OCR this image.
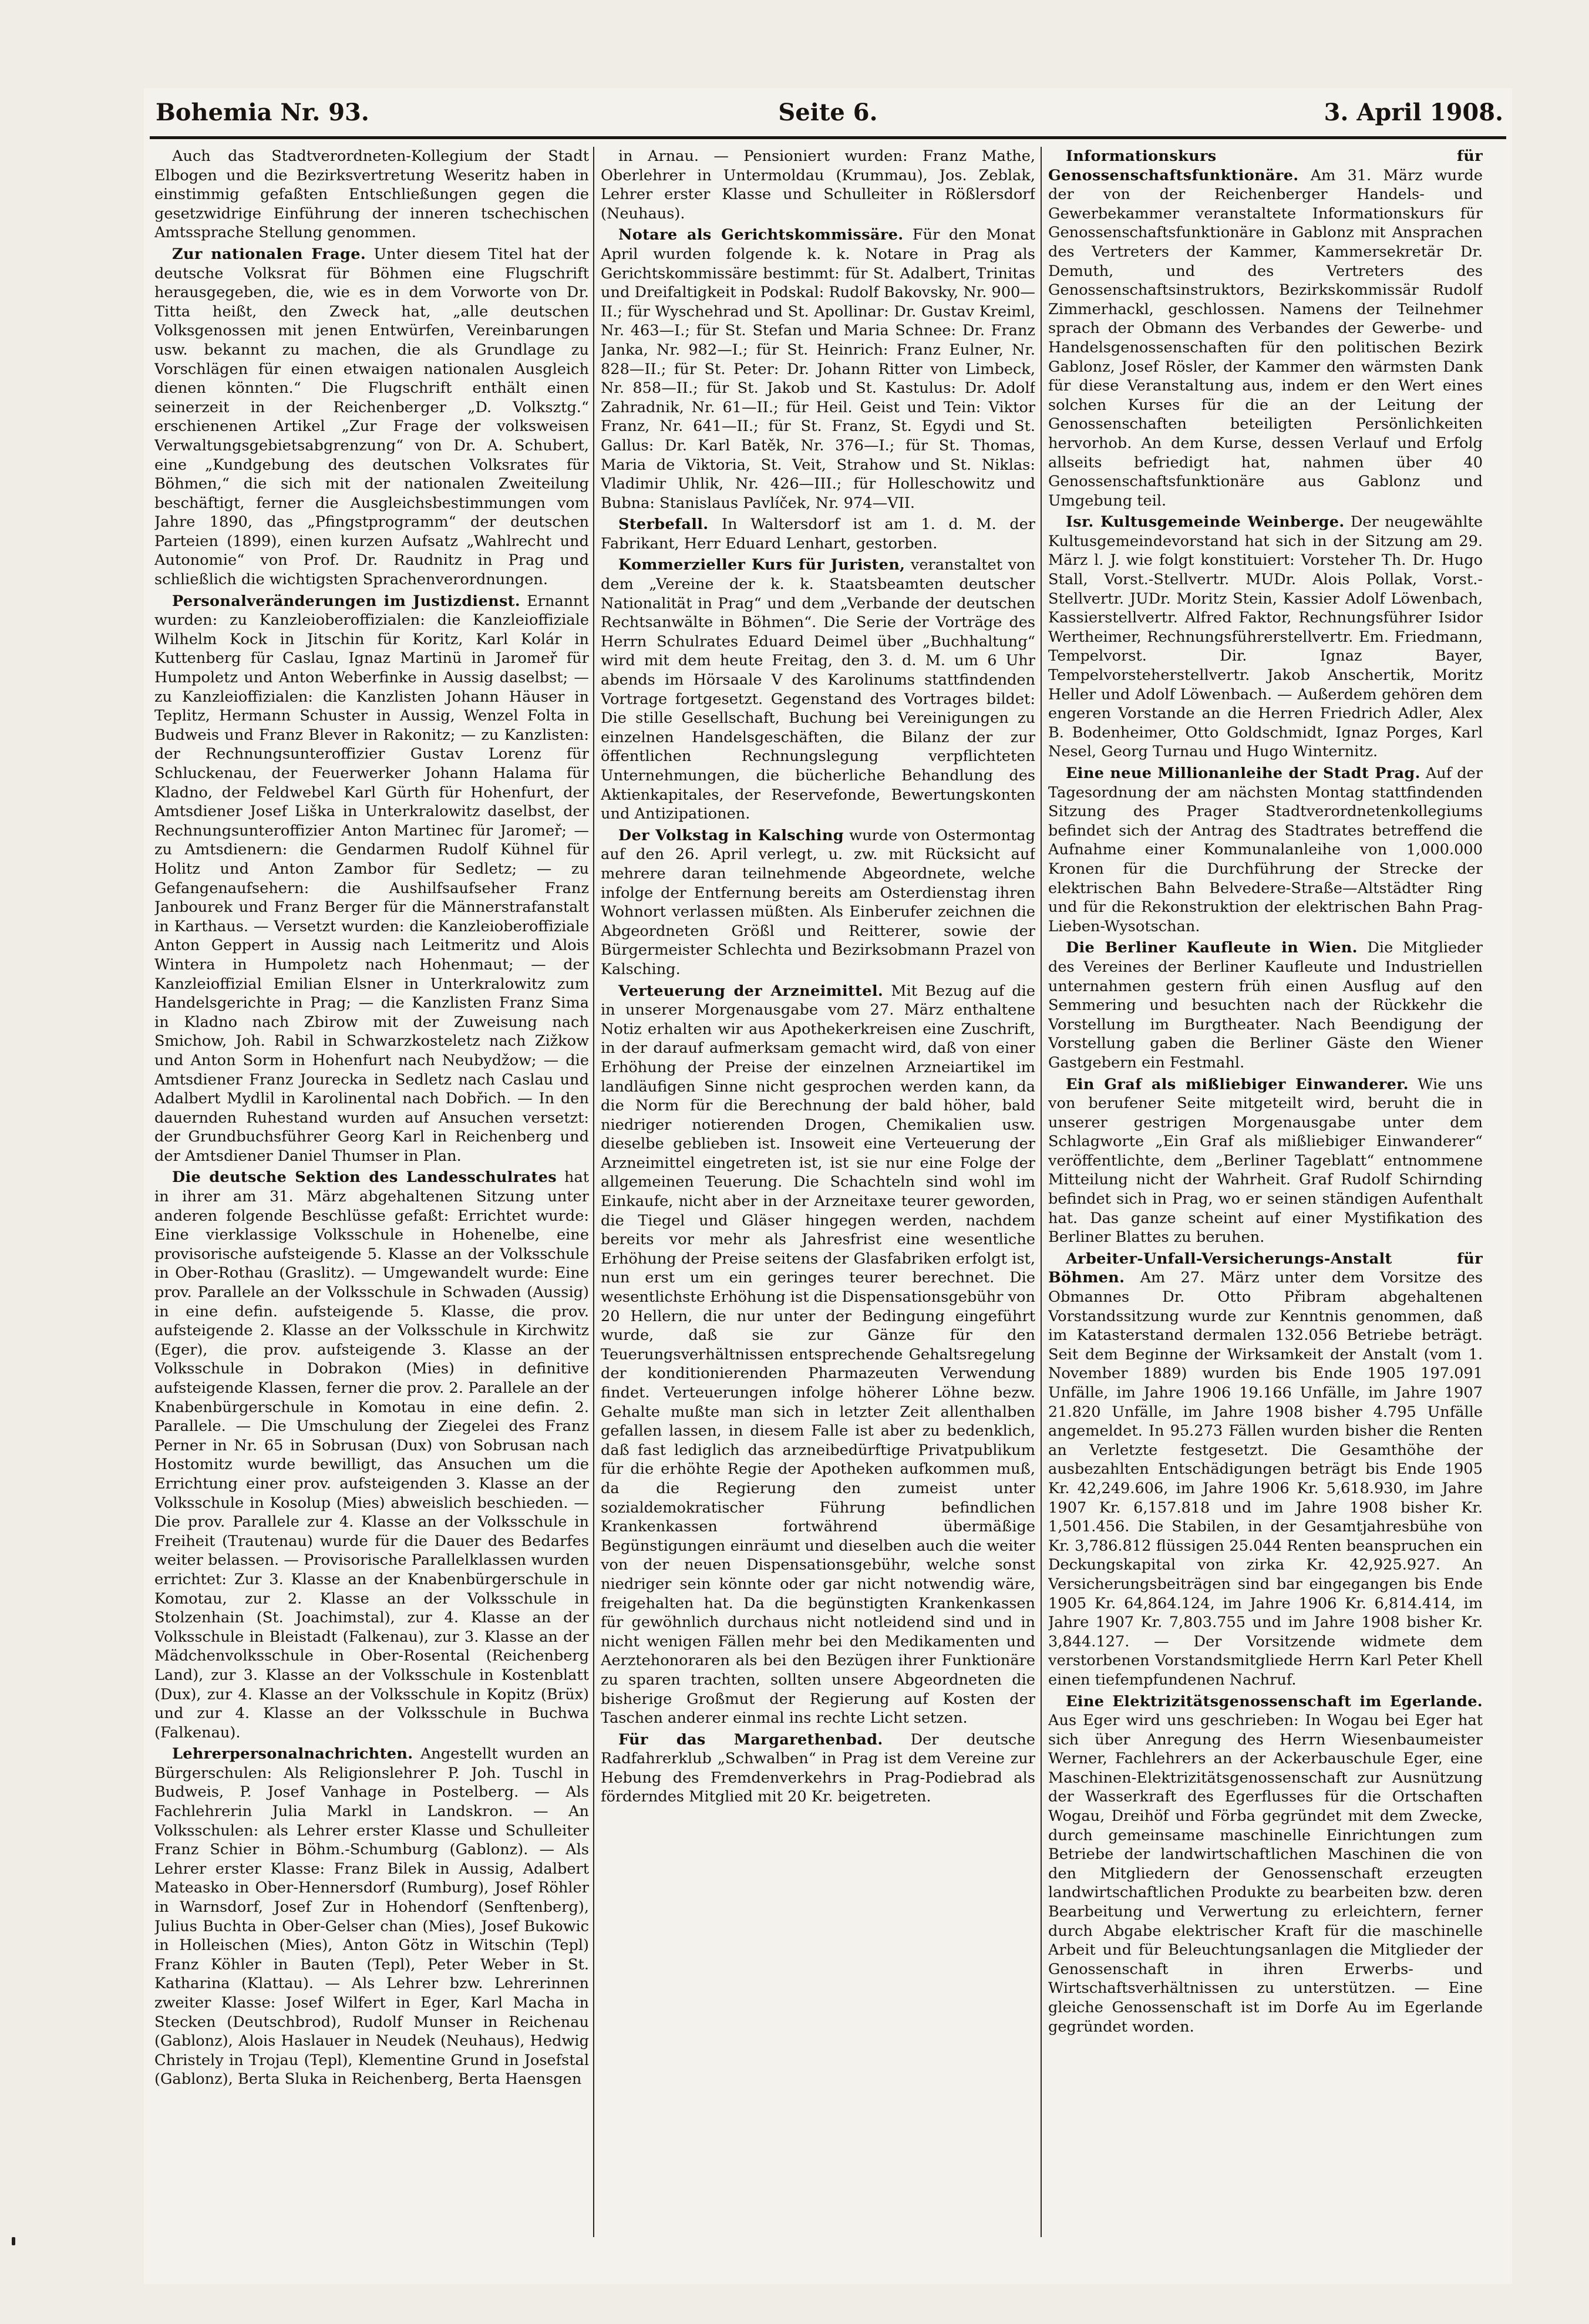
Bohemia Nr. 93.	Seite 6.	3. April 1908.

Auch das Stadtverordneten-Kollegium der Stadt Elbogen und die Bezirksvertretung Weseritz haben in einstimmig gefaßten Entschließungen gegen die gesetzwidrige Einführung der inneren tschechischen Amtssprache Stellung genommen.

Zur nationalen Frage. Unter diesem Titel hat der deutsche Volksrat für Böhmen eine Flugschrift herausgegeben, die, wie es in dem Vorworte von Dr. Titta heißt, den Zweck hat, „alle deutschen Volksgenossen mit jenen Entwürfen, Vereinbarungen usw. bekannt zu machen, die als Grundlage zu Vorschlägen für einen etwaigen nationalen Ausgleich dienen könnten.“ Die Flugschrift enthält einen seinerzeit in der Reichenberger „D. Volksztg.“ erschienenen Artikel „Zur Frage der volksweisen Verwaltungsgebietsabgrenzung“ von Dr. A. Schubert, eine „Kundgebung des deutschen Volksrates für Böhmen,“ die sich mit der nationalen Zweiteilung beschäftigt, ferner die Ausgleichsbestimmungen vom Jahre 1890, das „Pfingstprogramm“ der deutschen Parteien (1899), einen kurzen Aufsatz „Wahlrecht und Autonomie“ von Prof. Dr. Raudnitz in Prag und schließlich die wichtigsten Sprachenverordnungen.

Personalveränderungen im Justizdienst. Ernannt wurden: zu Kanzleioberoffizialen: die Kanzleioffiziale Wilhelm Kock in Jitschin für Koritz, Karl Kolár in Kuttenberg für Caslau, Ignaz Martinü in Jaromeř für Humpoletz und Anton Weberfinke in Aussig daselbst; — zu Kanzleioffizialen: die Kanzlisten Johann Häuser in Teplitz, Hermann Schuster in Aussig, Wenzel Folta in Budweis und Franz Blever in Rakonitz; — zu Kanzlisten: der Rechnungsunteroffizier Gustav Lorenz für Schluckenau, der Feuerwerker Johann Halama für Kladno, der Feldwebel Karl Gürth für Hohenfurt, der Amtsdiener Josef Liška in Unterkralowitz daselbst, der Rechnungsunteroffizier Anton Martinec für Jaromeř; — zu Amtsdienern: die Gendarmen Rudolf Kühnel für Holitz und Anton Zambor für Sedletz; — zu Gefangenaufsehern: die Aushilfsaufseher Franz Janbourek und Franz Berger für die Männerstrafanstalt in Karthaus. — Versetzt wurden: die Kanzleioberoffiziale Anton Geppert in Aussig nach Leitmeritz und Alois Wintera in Humpoletz nach Hohenmaut; — der Kanzleioffizial Emilian Elsner in Unterkralowitz zum Handelsgerichte in Prag; — die Kanzlisten Franz Sima in Kladno nach Zbirow mit der Zuweisung nach Smichow, Joh. Rabil in Schwarzkosteletz nach Zižkow und Anton Sorm in Hohenfurt nach Neubydžow; — die Amtsdiener Franz Jourecka in Sedletz nach Caslau und Adalbert Mydlil in Karolinental nach Dobřich. — In den dauernden Ruhestand wurden auf Ansuchen versetzt: der Grundbuchsführer Georg Karl in Reichenberg und der Amtsdiener Daniel Thumser in Plan.

Die deutsche Sektion des Landesschulrates hat in ihrer am 31. März abgehaltenen Sitzung unter anderen folgende Beschlüsse gefaßt: Errichtet wurde: Eine vierklassige Volksschule in Hohenelbe, eine provisorische aufsteigende 5. Klasse an der Volksschule in Ober-Rothau (Graslitz). — Umgewandelt wurde: Eine prov. Parallele an der Volksschule in Schwaden (Aussig) in eine defin. aufsteigende 5. Klasse, die prov. aufsteigende 2. Klasse an der Volksschule in Kirchwitz (Eger), die prov. aufsteigende 3. Klasse an der Volksschule in Dobrakon (Mies) in definitive aufsteigende Klassen, ferner die prov. 2. Parallele an der Knabenbürgerschule in Komotau in eine defin. 2. Parallele. — Die Umschulung der Ziegelei des Franz Perner in Nr. 65 in Sobrusan (Dux) von Sobrusan nach Hostomitz wurde bewilligt, das Ansuchen um die Errichtung einer prov. aufsteigenden 3. Klasse an der Volksschule in Kosolup (Mies) abweislich beschieden. — Die prov. Parallele zur 4. Klasse an der Volksschule in Freiheit (Trautenau) wurde für die Dauer des Bedarfes weiter belassen. — Provisorische Parallelklassen wurden errichtet: Zur 3. Klasse an der Knabenbürgerschule in Komotau, zur 2. Klasse an der Volksschule in Stolzenhain (St. Joachimstal), zur 4. Klasse an der Volksschule in Bleistadt (Falkenau), zur 3. Klasse an der Mädchenvolksschule in Ober-Rosental (Reichenberg Land), zur 3. Klasse an der Volksschule in Kostenblatt (Dux), zur 4. Klasse an der Volksschule in Kopitz (Brüx) und zur 4. Klasse an der Volksschule in Buchwa (Falkenau).

Lehrerpersonalnachrichten. Angestellt wurden an Bürgerschulen: Als Religionslehrer P. Joh. Tuschl in Budweis, P. Josef Vanhage in Postelberg. — Als Fachlehrerin Julia Markl in Landskron. — An Volksschulen: als Lehrer erster Klasse und Schulleiter Franz Schier in Böhm.-Schumburg (Gablonz). — Als Lehrer erster Klasse: Franz Bilek in Aussig, Adalbert Mateasko in Ober-Hennersdorf (Rumburg), Josef Röhler in Warnsdorf, Josef Zur in Hohendorf (Senftenberg), Julius Buchta in Ober-Gelser chan (Mies), Josef Bukowic in Holleischen (Mies), Anton Götz in Witschin (Tepl) Franz Köhler in Bauten (Tepl), Peter Weber in St. Katharina (Klattau). — Als Lehrer bzw. Lehrerinnen zweiter Klasse: Josef Wilfert in Eger, Karl Macha in Stecken (Deutschbrod), Rudolf Munser in Reichenau (Gablonz), Alois Haslauer in Neudek (Neuhaus), Hedwig Christely in Trojau (Tepl), Klementine Grund in Josefstal (Gablonz), Berta Sluka in Reichenberg, Berta Haensgen

in Arnau. — Pensioniert wurden: Franz Mathe, Oberlehrer in Untermoldau (Krummau), Jos. Zeblak, Lehrer erster Klasse und Schulleiter in Rößlersdorf (Neuhaus).

Notare als Gerichtskommissäre. Für den Monat April wurden folgende k. k. Notare in Prag als Gerichtskommissäre bestimmt: für St. Adalbert, Trinitas und Dreifaltigkeit in Podskal: Rudolf Bakovsky, Nr. 900—II.; für Wyschehrad und St. Apollinar: Dr. Gustav Kreiml, Nr. 463—I.; für St. Stefan und Maria Schnee: Dr. Franz Janka, Nr. 982—I.; für St. Heinrich: Franz Eulner, Nr. 828—II.; für St. Peter: Dr. Johann Ritter von Limbeck, Nr. 858—II.; für St. Jakob und St. Kastulus: Dr. Adolf Zahradnik, Nr. 61—II.; für Heil. Geist und Tein: Viktor Franz, Nr. 641—II.; für St. Franz, St. Egydi und St. Gallus: Dr. Karl Batěk, Nr. 376—I.; für St. Thomas, Maria de Viktoria, St. Veit, Strahow und St. Niklas: Vladimir Uhlik, Nr. 426—III.; für Holleschowitz und Bubna: Stanislaus Pavlíček, Nr. 974—VII.

Sterbefall. In Waltersdorf ist am 1. d. M. der Fabrikant, Herr Eduard Lenhart, gestorben.

Kommerzieller Kurs für Juristen, veranstaltet von dem „Vereine der k. k. Staatsbeamten deutscher Nationalität in Prag“ und dem „Verbande der deutschen Rechtsanwälte in Böhmen“. Die Serie der Vorträge des Herrn Schulrates Eduard Deimel über „Buchhaltung“ wird mit dem heute Freitag, den 3. d. M. um 6 Uhr abends im Hörsaale V des Karolinums stattfindenden Vortrage fortgesetzt. Gegenstand des Vortrages bildet: Die stille Gesellschaft, Buchung bei Vereinigungen zu einzelnen Handelsgeschäften, die Bilanz der zur öffentlichen Rechnungslegung verpflichteten Unternehmungen, die bücherliche Behandlung des Aktienkapitales, der Reservefonde, Bewertungskonten und Antizipationen.

Der Volkstag in Kalsching wurde von Ostermontag auf den 26. April verlegt, u. zw. mit Rücksicht auf mehrere daran teilnehmende Abgeordnete, welche infolge der Entfernung bereits am Osterdienstag ihren Wohnort verlassen müßten. Als Einberufer zeichnen die Abgeordneten Größl und Reitterer, sowie der Bürgermeister Schlechta und Bezirksobmann Prazel von Kalsching.

Verteuerung der Arzneimittel. Mit Bezug auf die in unserer Morgenausgabe vom 27. März enthaltene Notiz erhalten wir aus Apothekerkreisen eine Zuschrift, in der darauf aufmerksam gemacht wird, daß von einer Erhöhung der Preise der einzelnen Arzneiartikel im landläufigen Sinne nicht gesprochen werden kann, da die Norm für die Berechnung der bald höher, bald niedriger notierenden Drogen, Chemikalien usw. dieselbe geblieben ist. Insoweit eine Verteuerung der Arzneimittel eingetreten ist, ist sie nur eine Folge der allgemeinen Teuerung. Die Schachteln sind wohl im Einkaufe, nicht aber in der Arzneitaxe teurer geworden, die Tiegel und Gläser hingegen werden, nachdem bereits vor mehr als Jahresfrist eine wesentliche Erhöhung der Preise seitens der Glasfabriken erfolgt ist, nun erst um ein geringes teurer berechnet. Die wesentlichste Erhöhung ist die Dispensationsgebühr von 20 Hellern, die nur unter der Bedingung eingeführt wurde, daß sie zur Gänze für den Teuerungsverhältnissen entsprechende Gehaltsregelung der konditionierenden Pharmazeuten Verwendung findet. Verteuerungen infolge höherer Löhne bezw. Gehalte mußte man sich in letzter Zeit allenthalben gefallen lassen, in diesem Falle ist aber zu bedenklich, daß fast lediglich das arzneibedürftige Privatpublikum für die erhöhte Regie der Apotheken aufkommen muß, da die Regierung den zumeist unter sozialdemokratischer Führung befindlichen Krankenkassen fortwährend übermäßige Begünstigungen einräumt und dieselben auch die weiter von der neuen Dispensationsgebühr, welche sonst niedriger sein könnte oder gar nicht notwendig wäre, freigehalten hat. Da die begünstigten Krankenkassen für gewöhnlich durchaus nicht notleidend sind und in nicht wenigen Fällen mehr bei den Medikamenten und Aerztehonoraren als bei den Bezügen ihrer Funktionäre zu sparen trachten, sollten unsere Abgeordneten die bisherige Großmut der Regierung auf Kosten der Taschen anderer einmal ins rechte Licht setzen.

Für das Margarethenbad. Der deutsche Radfahrerklub „Schwalben“ in Prag ist dem Vereine zur Hebung des Fremdenverkehrs in Prag-Podiebrad als förderndes Mitglied mit 20 Kr. beigetreten.

Informationskurs für Genossenschaftsfunktionäre. Am 31. März wurde der von der Reichenberger Handels- und Gewerbekammer veranstaltete Informationskurs für Genossenschaftsfunktionäre in Gablonz mit Ansprachen des Vertreters der Kammer, Kammersekretär Dr. Demuth, und des Vertreters des Genossenschaftsinstruktors, Bezirkskommissär Rudolf Zimmerhackl, geschlossen. Namens der Teilnehmer sprach der Obmann des Verbandes der Gewerbe- und Handelsgenossenschaften für den politischen Bezirk Gablonz, Josef Rösler, der Kammer den wärmsten Dank für diese Veranstaltung aus, indem er den Wert eines solchen Kurses für die an der Leitung der Genossenschaften beteiligten Persönlichkeiten hervorhob. An dem Kurse, dessen Verlauf und Erfolg allseits befriedigt hat, nahmen über 40 Genossenschaftsfunktionäre aus Gablonz und Umgebung teil.

Isr. Kultusgemeinde Weinberge. Der neugewählte Kultusgemeindevorstand hat sich in der Sitzung am 29. März l. J. wie folgt konstituiert: Vorsteher Th. Dr. Hugo Stall, Vorst.-Stellvertr. MUDr. Alois Pollak, Vorst.-Stellvertr. JUDr. Moritz Stein, Kassier Adolf Löwenbach, Kassierstellvertr. Alfred Faktor, Rechnungsführer Isidor Wertheimer, Rechnungsführerstellvertr. Em. Friedmann, Tempelvorst. Dir. Ignaz Bayer, Tempelvorsteherstellvertr. Jakob Anschertik, Moritz Heller und Adolf Löwenbach. — Außerdem gehören dem engeren Vorstande an die Herren Friedrich Adler, Alex B. Bodenheimer, Otto Goldschmidt, Ignaz Porges, Karl Nesel, Georg Turnau und Hugo Winternitz.

Eine neue Millionanleihe der Stadt Prag. Auf der Tagesordnung der am nächsten Montag stattfindenden Sitzung des Prager Stadtverordnetenkollegiums befindet sich der Antrag des Stadtrates betreffend die Aufnahme einer Kommunalanleihe von 1,000.000 Kronen für die Durchführung der Strecke der elektrischen Bahn Belvedere-Straße—Altstädter Ring und für die Rekonstruktion der elektrischen Bahn Prag-Lieben-Wysotschan.

Die Berliner Kaufleute in Wien. Die Mitglieder des Vereines der Berliner Kaufleute und Industriellen unternahmen gestern früh einen Ausflug auf den Semmering und besuchten nach der Rückkehr die Vorstellung im Burgtheater. Nach Beendigung der Vorstellung gaben die Berliner Gäste den Wiener Gastgebern ein Festmahl.

Ein Graf als mißliebiger Einwanderer. Wie uns von berufener Seite mitgeteilt wird, beruht die in unserer gestrigen Morgenausgabe unter dem Schlagworte „Ein Graf als mißliebiger Einwanderer“ veröffentlichte, dem „Berliner Tageblatt“ entnommene Mitteilung nicht der Wahrheit. Graf Rudolf Schirnding befindet sich in Prag, wo er seinen ständigen Aufenthalt hat. Das ganze scheint auf einer Mystifikation des Berliner Blattes zu beruhen.

Arbeiter-Unfall-Versicherungs-Anstalt für Böhmen. Am 27. März unter dem Vorsitze des Obmannes Dr. Otto Přibram abgehaltenen Vorstandssitzung wurde zur Kenntnis genommen, daß im Katasterstand dermalen 132.056 Betriebe beträgt. Seit dem Beginne der Wirksamkeit der Anstalt (vom 1. November 1889) wurden bis Ende 1905 197.091 Unfälle, im Jahre 1906 19.166 Unfälle, im Jahre 1907 21.820 Unfälle, im Jahre 1908 bisher 4.795 Unfälle angemeldet. In 95.273 Fällen wurden bisher die Renten an Verletzte festgesetzt. Die Gesamthöhe der ausbezahlten Entschädigungen beträgt bis Ende 1905 Kr. 42,249.606, im Jahre 1906 Kr. 5,618.930, im Jahre 1907 Kr. 6,157.818 und im Jahre 1908 bisher Kr. 1,501.456. Die Stabilen, in der Gesamtjahresbühe von Kr. 3,786.812 flüssigen 25.044 Renten beanspruchen ein Deckungskapital von zirka Kr. 42,925.927. An Versicherungsbeiträgen sind bar eingegangen bis Ende 1905 Kr. 64,864.124, im Jahre 1906 Kr. 6,814.414, im Jahre 1907 Kr. 7,803.755 und im Jahre 1908 bisher Kr. 3,844.127. — Der Vorsitzende widmete dem verstorbenen Vorstandsmitgliede Herrn Karl Peter Khell einen tiefempfundenen Nachruf.

Eine Elektrizitätsgenossenschaft im Egerlande. Aus Eger wird uns geschrieben: In Wogau bei Eger hat sich über Anregung des Herrn Wiesenbaumeister Werner, Fachlehrers an der Ackerbauschule Eger, eine Maschinen-Elektrizitätsgenossenschaft zur Ausnützung der Wasserkraft des Egerflusses für die Ortschaften Wogau, Dreihöf und Förba gegründet mit dem Zwecke, durch gemeinsame maschinelle Einrichtungen zum Betriebe der landwirtschaftlichen Maschinen die von den Mitgliedern der Genossenschaft erzeugten landwirtschaftlichen Produkte zu bearbeiten bzw. deren Bearbeitung und Verwertung zu erleichtern, ferner durch Abgabe elektrischer Kraft für die maschinelle Arbeit und für Beleuchtungsanlagen die Mitglieder der Genossenschaft in ihren Erwerbs- und Wirtschaftsverhältnissen zu unterstützen. — Eine gleiche Genossenschaft ist im Dorfe Au im Egerlande gegründet worden.
